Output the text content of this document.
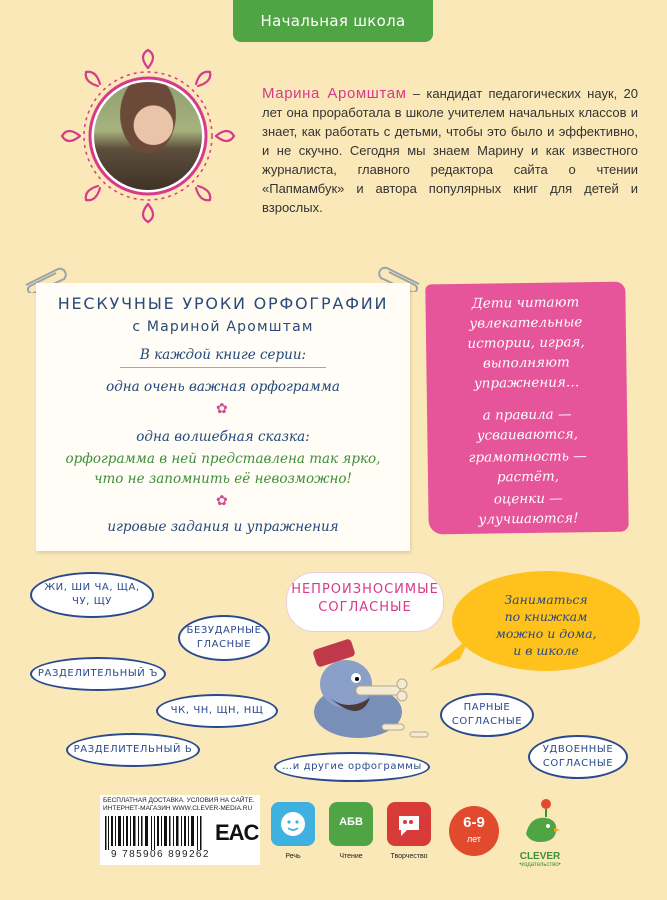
Начальная школа
Марина Аромштам – кандидат педагогических наук, 20 лет она проработала в школе учителем начальных классов и знает, как работать с детьми, чтобы это было и эффективно, и не скучно. Сегодня мы знаем Марину и как известного журналиста, главного редактора сайта о чтении «Папмамбук» и автора популярных книг для детей и взрослых.
НЕСКУЧНЫЕ УРОКИ ОРФОГРАФИИ
с Мариной Аромштам
В каждой книге серии:
одна очень важная орфограмма
✿
одна волшебная сказка:
орфограмма в ней представлена так ярко,
что не запомнить её невозможно!
✿
игровые задания и упражнения
Дети читают
увлекательные
истории, играя,
выполняют
упражнения…
а правила —
усваиваются,
грамотность —
растёт,
оценки —
улучшаются!
ЖИ, ШИ ЧА, ЩА,
ЧУ, ЩУ
БЕЗУДАРНЫЕ
ГЛАСНЫЕ
РАЗДЕЛИТЕЛЬНЫЙ Ъ
ЧК, ЧН, ЩН, НЩ
РАЗДЕЛИТЕЛЬНЫЙ Ь
ПАРНЫЕ
СОГЛАСНЫЕ
УДВОЕННЫЕ
СОГЛАСНЫЕ
…и другие орфограммы
НЕПРОИЗНОСИМЫЕ
СОГЛАСНЫЕ
Заниматься
по книжкам
можно и дома,
и в школе
БЕСПЛАТНАЯ ДОСТАВКА. УСЛОВИЯ НА САЙТЕ.
ИНТЕРНЕТ-МАГАЗИН WWW.CLEVER-MEDIA.RU
9 785906 899262
EAC
Речь
АБВ
Чтение	Творчество
6-9
лет
CLEVER
•издательство•
